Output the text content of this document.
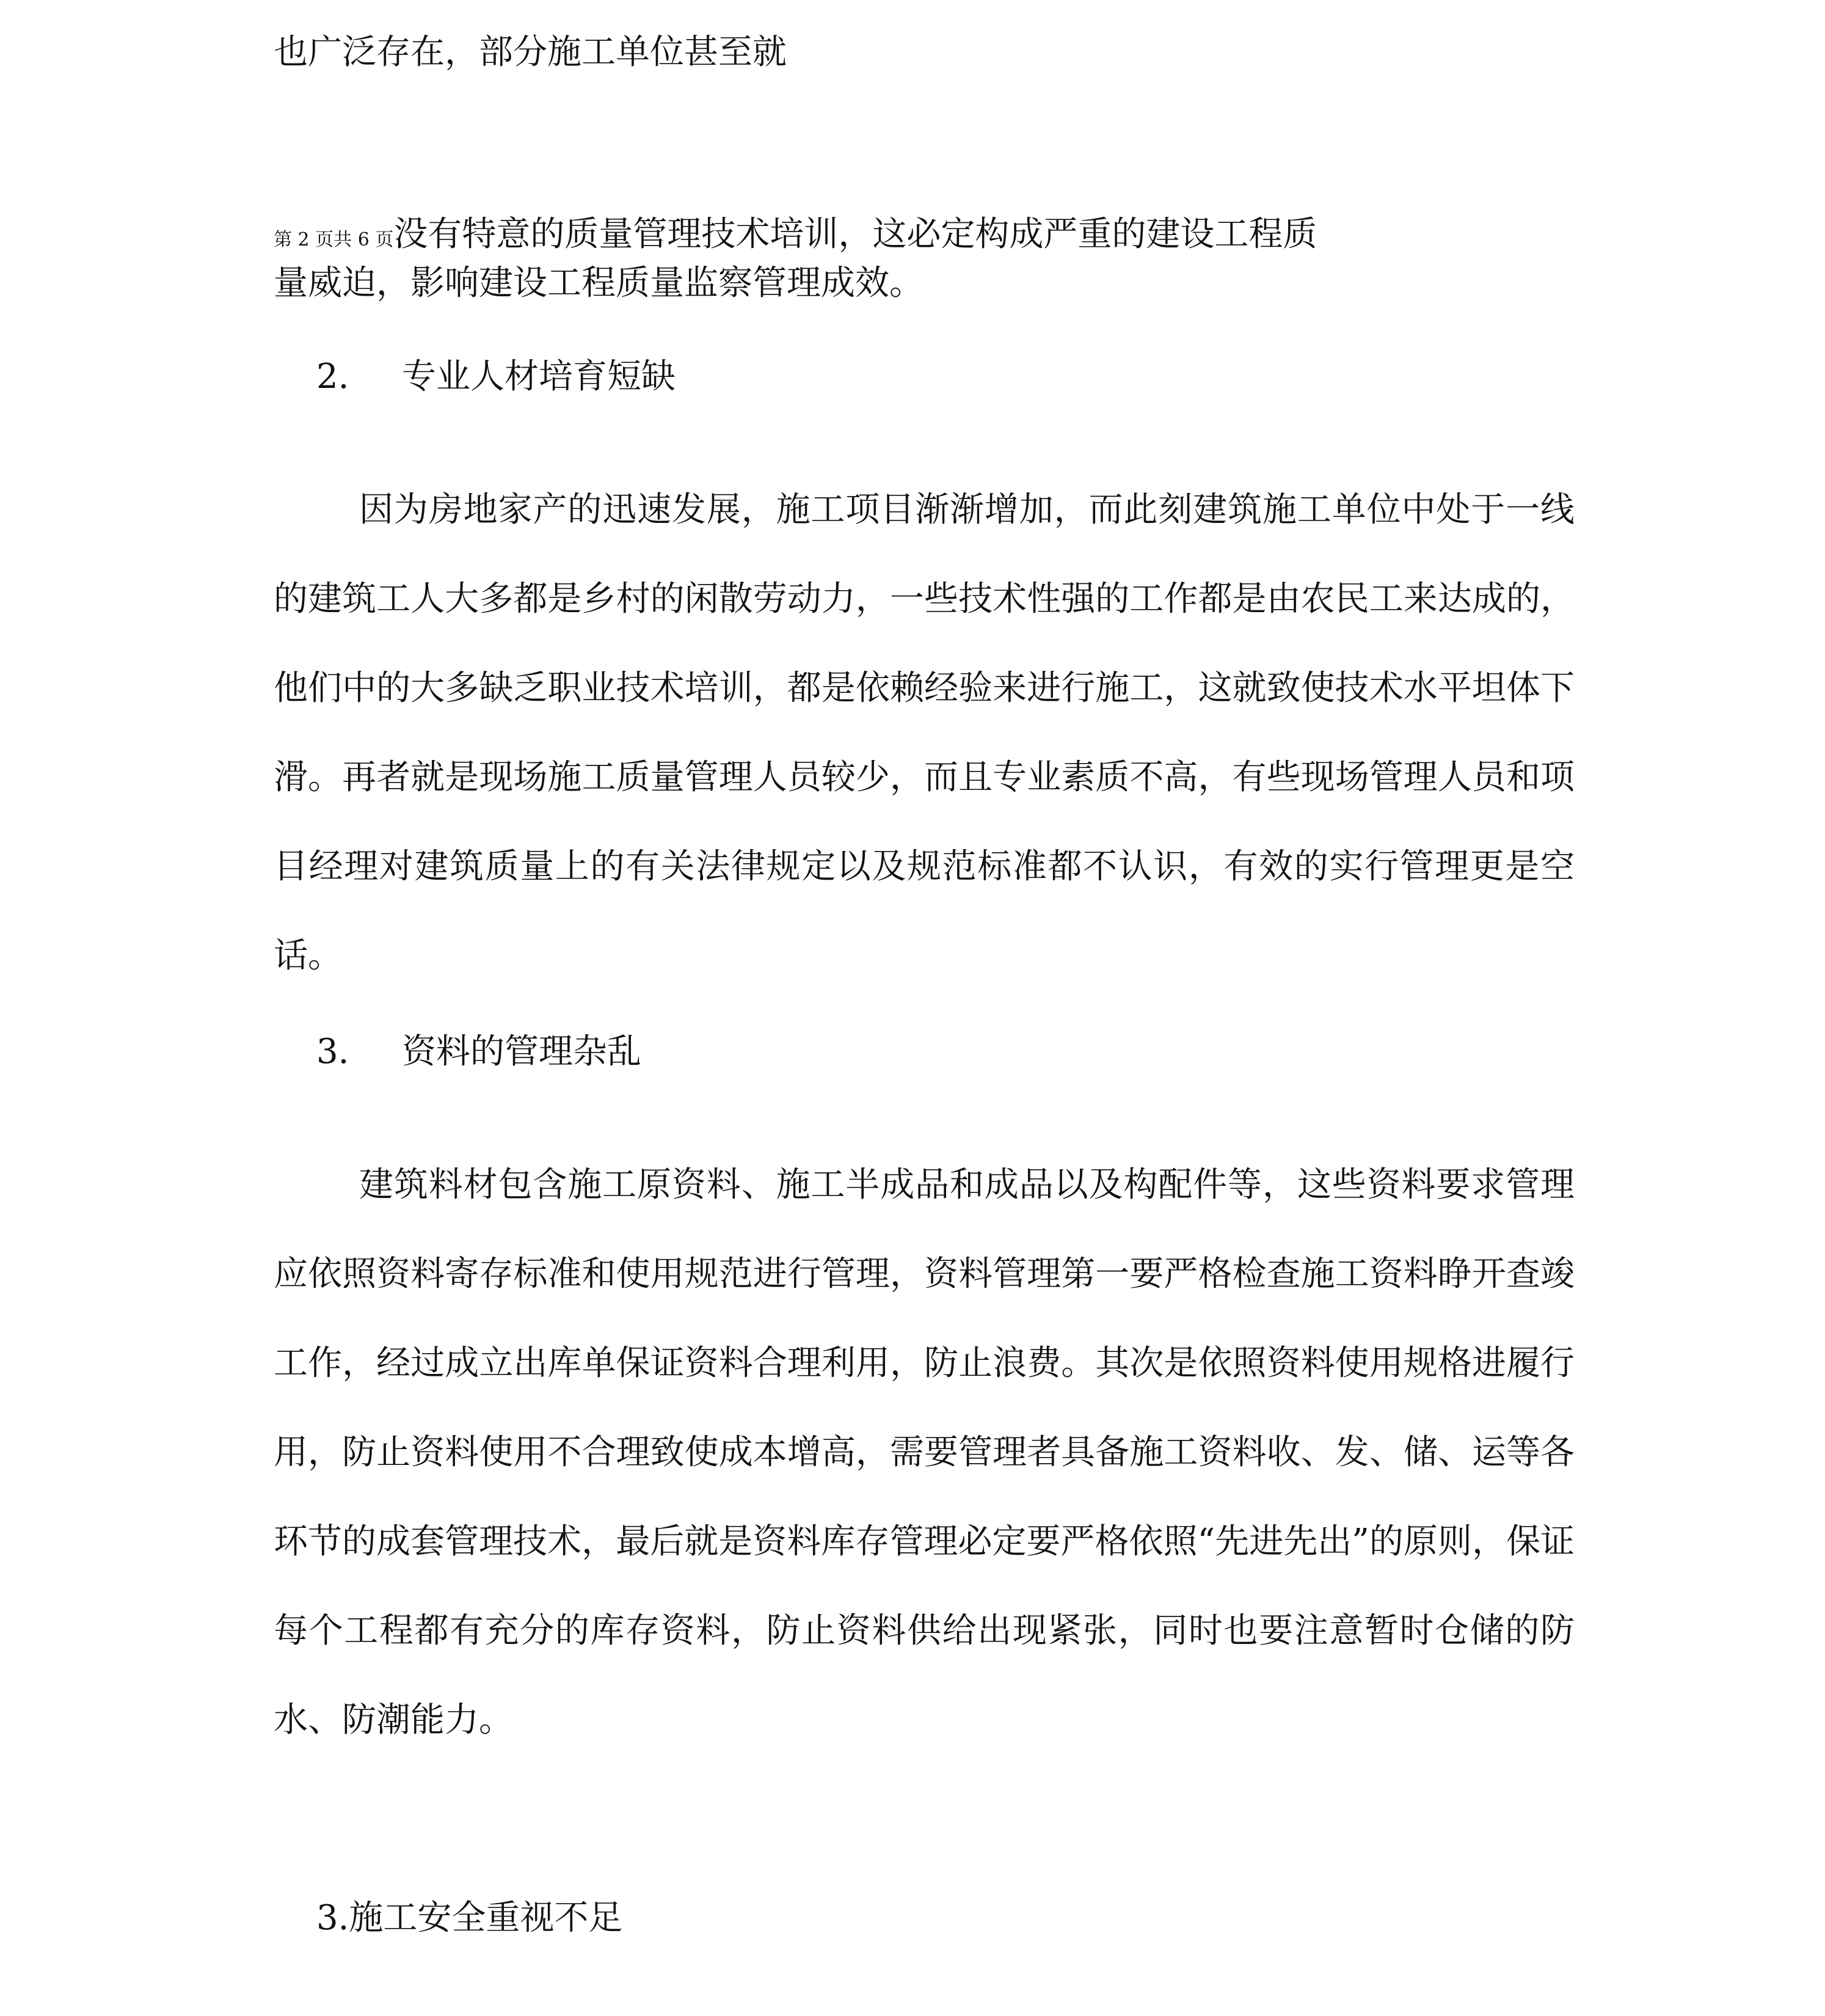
也广泛存在，部分施工单位甚至就

第 2 页共 6 页没有特意的质量管理技术培训，这必定构成严重的建设工程质

量威迫，影响建设工程质量监察管理成效。

2. 专业人材培育短缺

因为房地家产的迅速发展，施工项目渐渐增加，而此刻建筑施工单位中处于一线的建筑工人大多都是乡村的闲散劳动力，一些技术性强的工作都是由农民工来达成的，他们中的大多缺乏职业技术培训，都是依赖经验来进行施工，这就致使技术水平坦体下滑。再者就是现场施工质量管理人员较少，而且专业素质不高，有些现场管理人员和项目经理对建筑质量上的有关法律规定以及规范标准都不认识，有效的实行管理更是空话。

3. 资料的管理杂乱

建筑料材包含施工原资料、施工半成品和成品以及构配件等，这些资料要求管理应依照资料寄存标准和使用规范进行管理，资料管理第一要严格检查施工资料睁开查竣工作，经过成立出库单保证资料合理利用，防止浪费。其次是依照资料使用规格进履行用，防止资料使用不合理致使成本增高，需要管理者具备施工资料收、发、储、运等各环节的成套管理技术，最后就是资料库存管理必定要严格依照“先进先出”的原则，保证每个工程都有充分的库存资料，防止资料供给出现紧张，同时也要注意暂时仓储的防水、防潮能力。

3.施工安全重视不足
